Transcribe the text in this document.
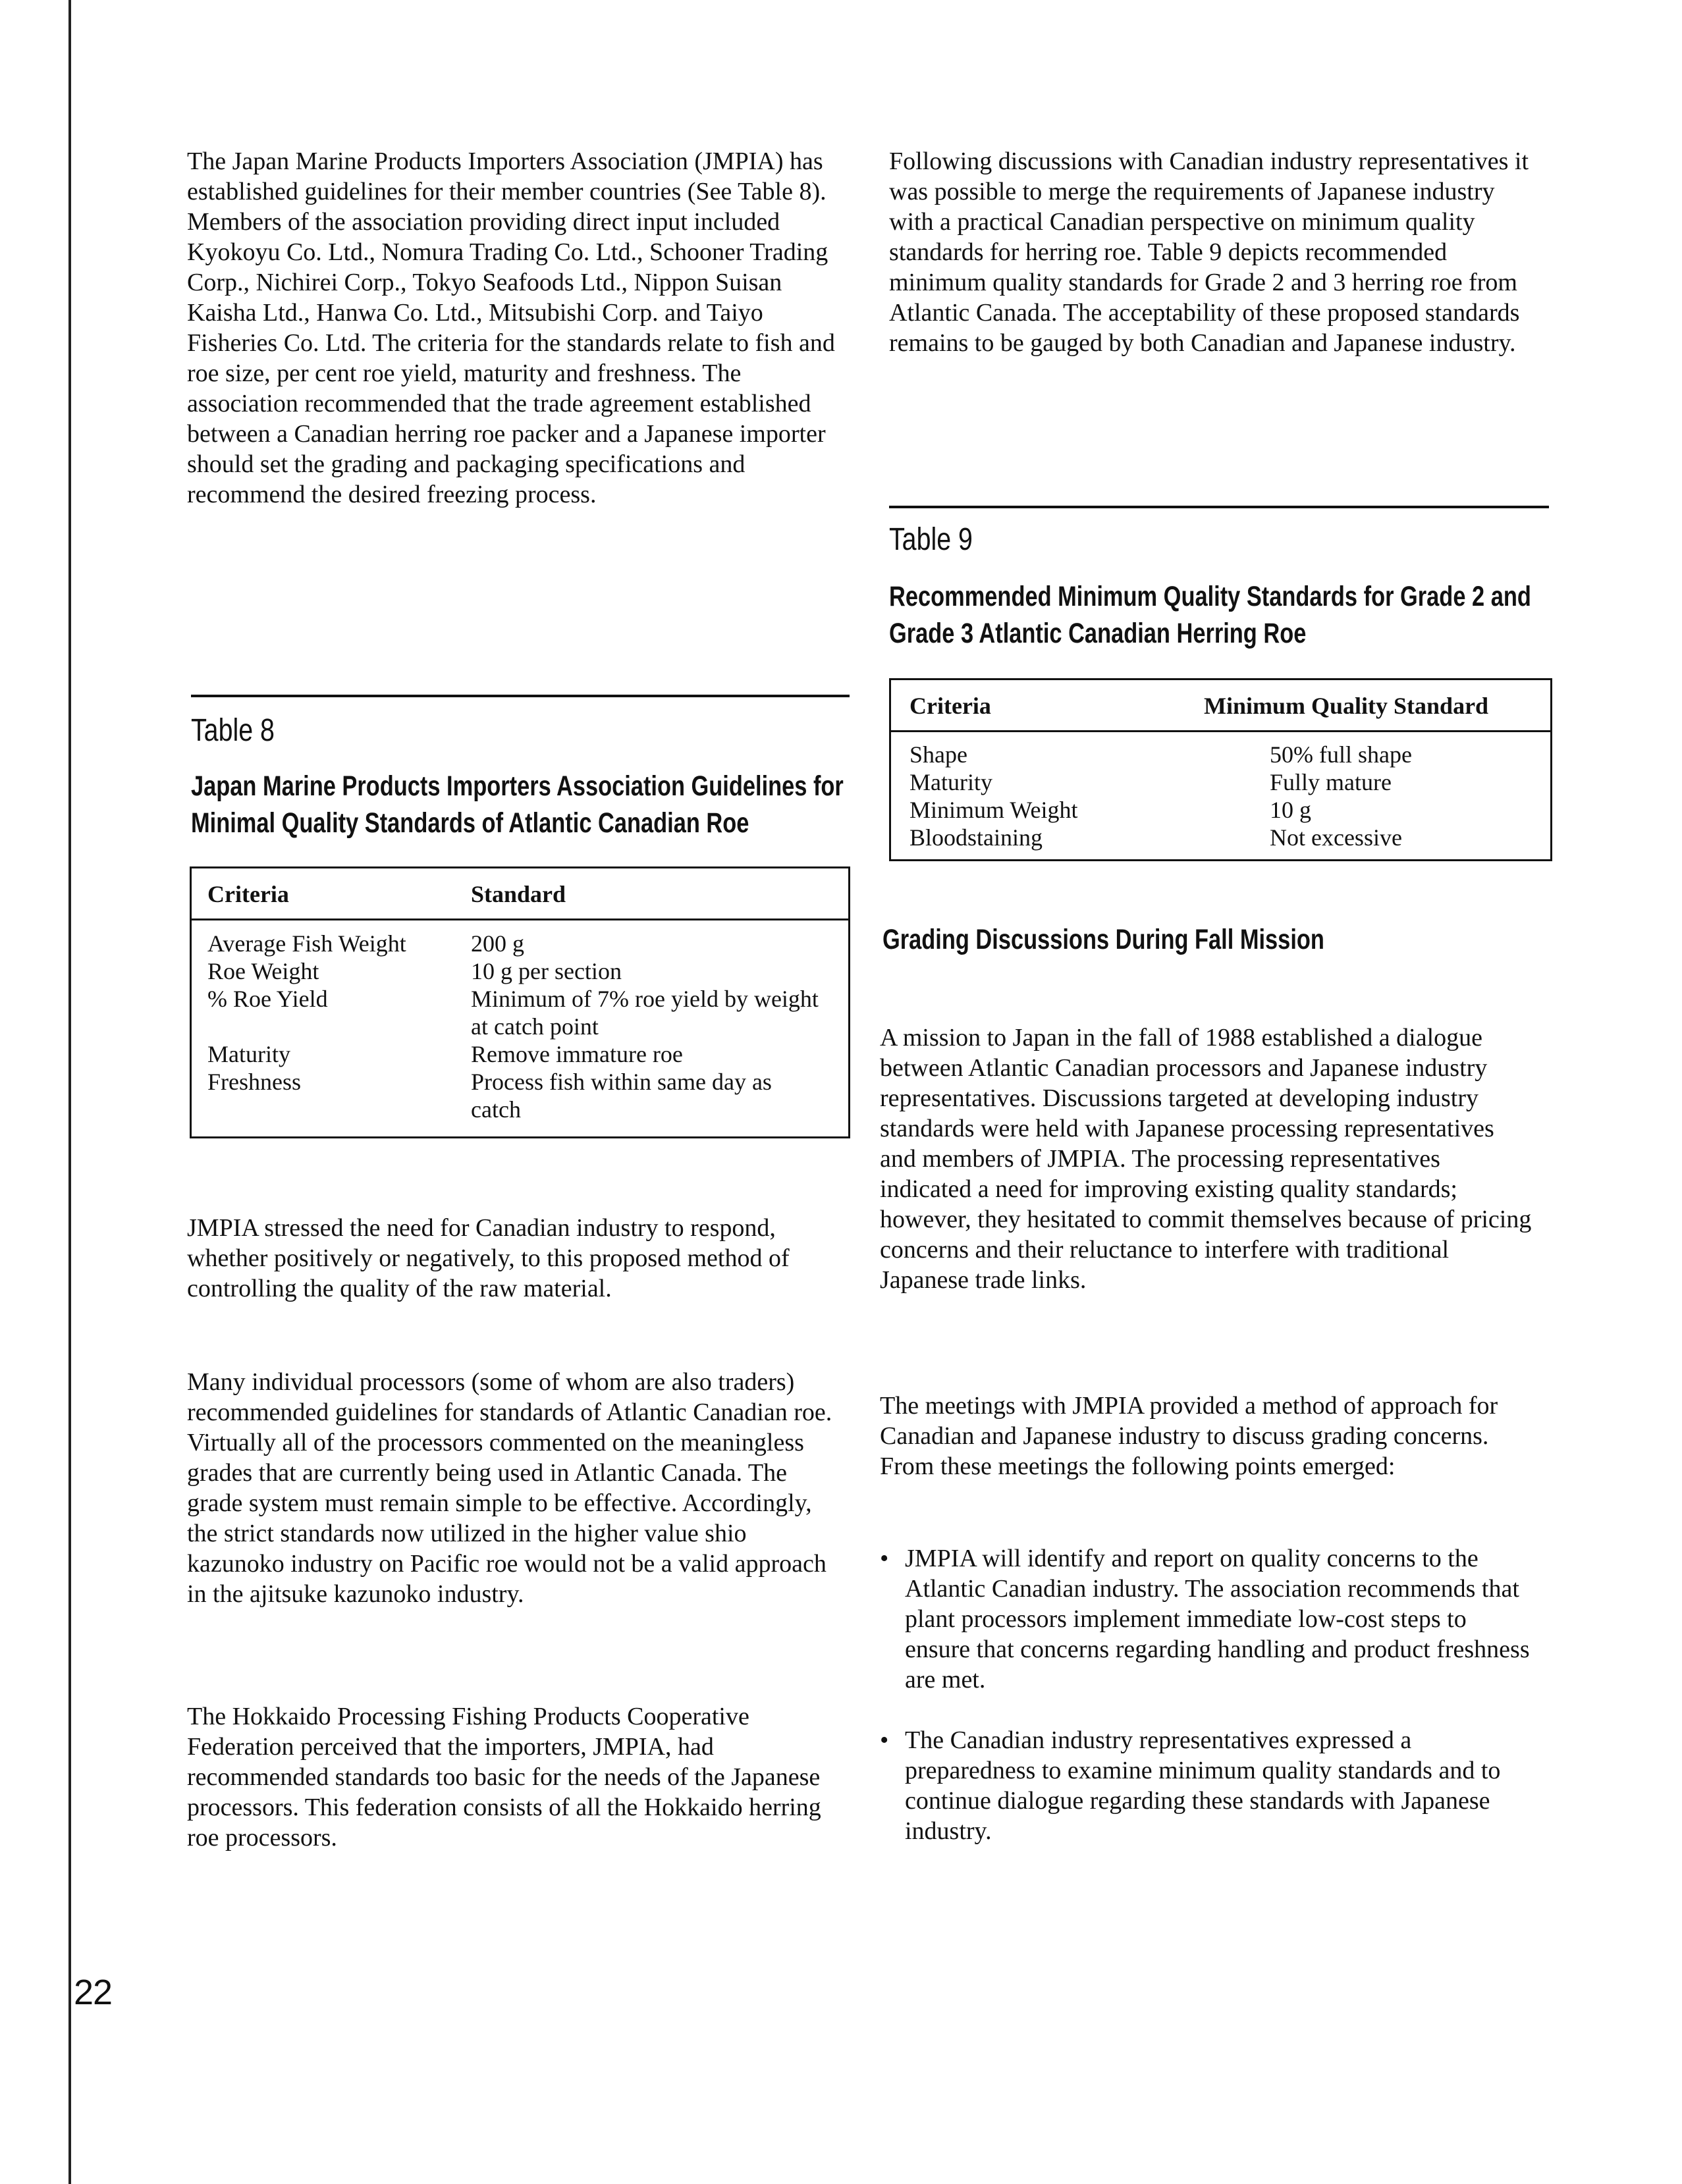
The Japan Marine Products Importers Association (JMPIA) has established guidelines for their member countries (See Table 8). Members of the association providing direct input included Kyokoyu Co. Ltd., Nomura Trading Co. Ltd., Schooner Trading Corp., Nichirei Corp., Tokyo Seafoods Ltd., Nippon Suisan Kaisha Ltd., Hanwa Co. Ltd., Mitsubishi Corp. and Taiyo Fisheries Co. Ltd. The criteria for the standards relate to fish and roe size, per cent roe yield, maturity and freshness. The association recommended that the trade agreement established between a Canadian herring roe packer and a Japanese importer should set the grading and packaging specifications and recommend the desired freezing process.

Table 8
Japan Marine Products Importers Association Guidelines for Minimal Quality Standards of Atlantic Canadian Roe
Criteria	Standard
Average Fish Weight	200 g
Roe Weight	10 g per section
% Roe Yield	Minimum of 7% roe yield by weight at catch point
Maturity	Remove immature roe
Freshness	Process fish within same day as catch

JMPIA stressed the need for Canadian industry to respond, whether positively or negatively, to this proposed method of controlling the quality of the raw material.

Many individual processors (some of whom are also traders) recommended guidelines for standards of Atlantic Canadian roe. Virtually all of the processors commented on the meaningless grades that are currently being used in Atlantic Canada. The grade system must remain simple to be effective. Accordingly, the strict standards now utilized in the higher value shio kazunoko industry on Pacific roe would not be a valid approach in the ajitsuke kazunoko industry.

The Hokkaido Processing Fishing Products Cooperative Federation perceived that the importers, JMPIA, had recommended standards too basic for the needs of the Japanese processors. This federation consists of all the Hokkaido herring roe processors.

Following discussions with Canadian industry representatives it was possible to merge the requirements of Japanese industry with a practical Canadian perspective on minimum quality standards for herring roe. Table 9 depicts recommended minimum quality standards for Grade 2 and 3 herring roe from Atlantic Canada. The acceptability of these proposed standards remains to be gauged by both Canadian and Japanese industry.

Table 9
Recommended Minimum Quality Standards for Grade 2 and Grade 3 Atlantic Canadian Herring Roe
Criteria	Minimum Quality Standard
Shape	50% full shape
Maturity	Fully mature
Minimum Weight	10 g
Bloodstaining	Not excessive
Grading Discussions During Fall Mission

A mission to Japan in the fall of 1988 established a dialogue between Atlantic Canadian processors and Japanese industry representatives. Discussions targeted at developing industry standards were held with Japanese processing representatives and members of JMPIA. The processing representatives indicated a need for improving existing quality standards; however, they hesitated to commit themselves because of pricing concerns and their reluctance to interfere with traditional Japanese trade links.

The meetings with JMPIA provided a method of approach for Canadian and Japanese industry to discuss grading concerns. From these meetings the following points emerged:

• JMPIA will identify and report on quality concerns to the Atlantic Canadian industry. The association recommends that plant processors implement immediate low-cost steps to ensure that concerns regarding handling and product freshness are met.
• The Canadian industry representatives expressed a preparedness to examine minimum quality standards and to continue dialogue regarding these standards with Japanese industry.
22
